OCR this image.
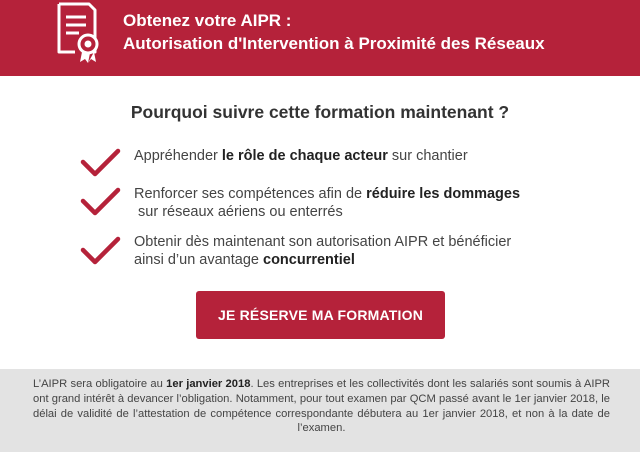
Obtenez votre AIPR :
Autorisation d'Intervention à Proximité des Réseaux
Pourquoi suivre cette formation maintenant ?
Appréhender le rôle de chaque acteur sur chantier
Renforcer ses compétences afin de réduire les dommages
sur réseaux aériens ou enterrés
Obtenir dès maintenant son autorisation AIPR et bénéficier
ainsi d’un avantage concurrentiel
JE RÉSERVE MA FORMATION
L’AIPR sera obligatoire au 1er janvier 2018. Les entreprises et les collectivités dont les salariés sont soumis à AIPR ont grand intérêt à devancer l’obligation. Notamment, pour tout examen par QCM passé avant le 1er janvier 2018, le délai de validité de l’attestation de compétence correspondante débutera au 1er janvier 2018, et non à la date de l’examen.
